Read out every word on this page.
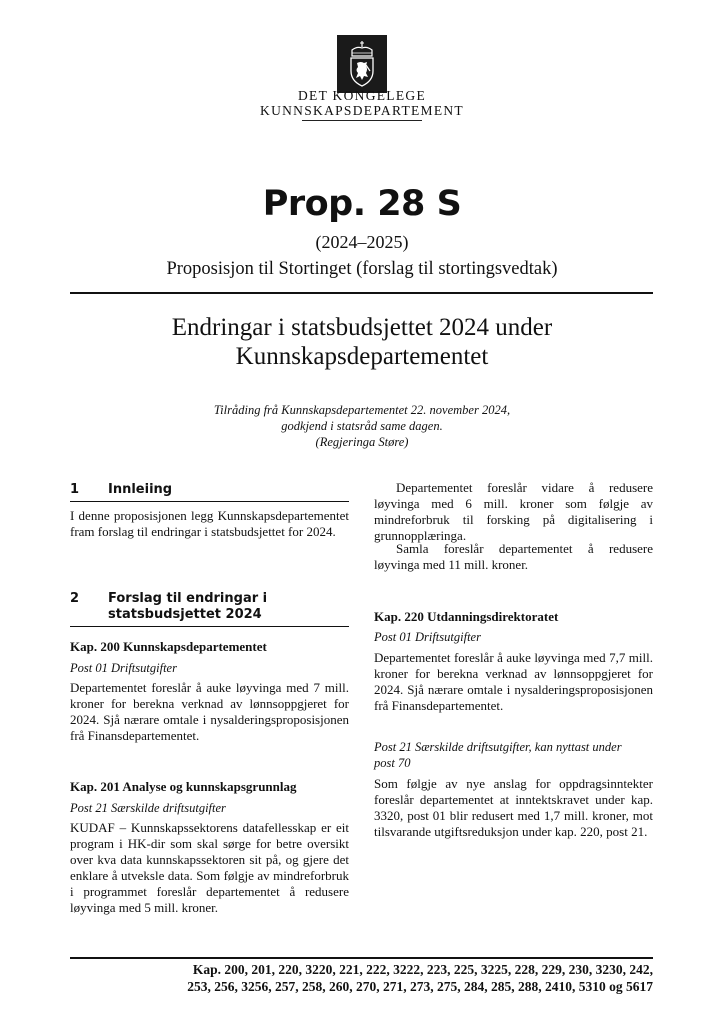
DET KONGELEGE
KUNNSKAPSDEPARTEMENT
Prop. 28 S
(2024–2025)
Proposisjon til Stortinget (forslag til stortingsvedtak)
Endringar i statsbudsjettet 2024 under
Kunnskapsdepartementet
Tilråding frå Kunnskapsdepartementet 22. november 2024,
godkjend i statsråd same dagen.
(Regjeringa Støre)
1 Innleiing
I denne proposisjonen legg Kunnskapsdepartementet fram forslag til endringar i statsbudsjettet for 2024.
2 Forslag til endringar i
statsbudsjettet 2024
Kap. 200 Kunnskapsdepartementet
Post 01 Driftsutgifter
Departementet foreslår å auke løyvinga med 7 mill. kroner for berekna verknad av lønnsoppgjeret for 2024. Sjå nærare omtale i nysalderingsproposisjonen frå Finansdepartementet.
Kap. 201 Analyse og kunnskapsgrunnlag
Post 21 Særskilde driftsutgifter
KUDAF – Kunnskapssektorens datafellesskap er eit program i HK-dir som skal sørge for betre oversikt over kva data kunnskapssektoren sit på, og gjere det enklare å utveksle data. Som følgje av mindreforbruk i programmet foreslår departementet å redusere løyvinga med 5 mill. kroner.
Departementet foreslår vidare å redusere løyvinga med 6 mill. kroner som følgje av mindreforbruk til forsking på digitalisering i grunnopplæringa.
Samla foreslår departementet å redusere løyvinga med 11 mill. kroner.
Kap. 220 Utdanningsdirektoratet
Post 01 Driftsutgifter
Departementet foreslår å auke løyvinga med 7,7 mill. kroner for berekna verknad av lønnsoppgjeret for 2024. Sjå nærare omtale i nysalderingsproposisjonen frå Finansdepartementet.
Post 21 Særskilde driftsutgifter, kan nyttast under
post 70
Som følgje av nye anslag for oppdragsinntekter foreslår departementet at inntektskravet under kap. 3320, post 01 blir redusert med 1,7 mill. kroner, mot tilsvarande utgiftsreduksjon under kap. 220, post 21.
Kap. 200, 201, 220, 3220, 221, 222, 3222, 223, 225, 3225, 228, 229, 230, 3230, 242,
253, 256, 3256, 257, 258, 260, 270, 271, 273, 275, 284, 285, 288, 2410, 5310 og 5617
